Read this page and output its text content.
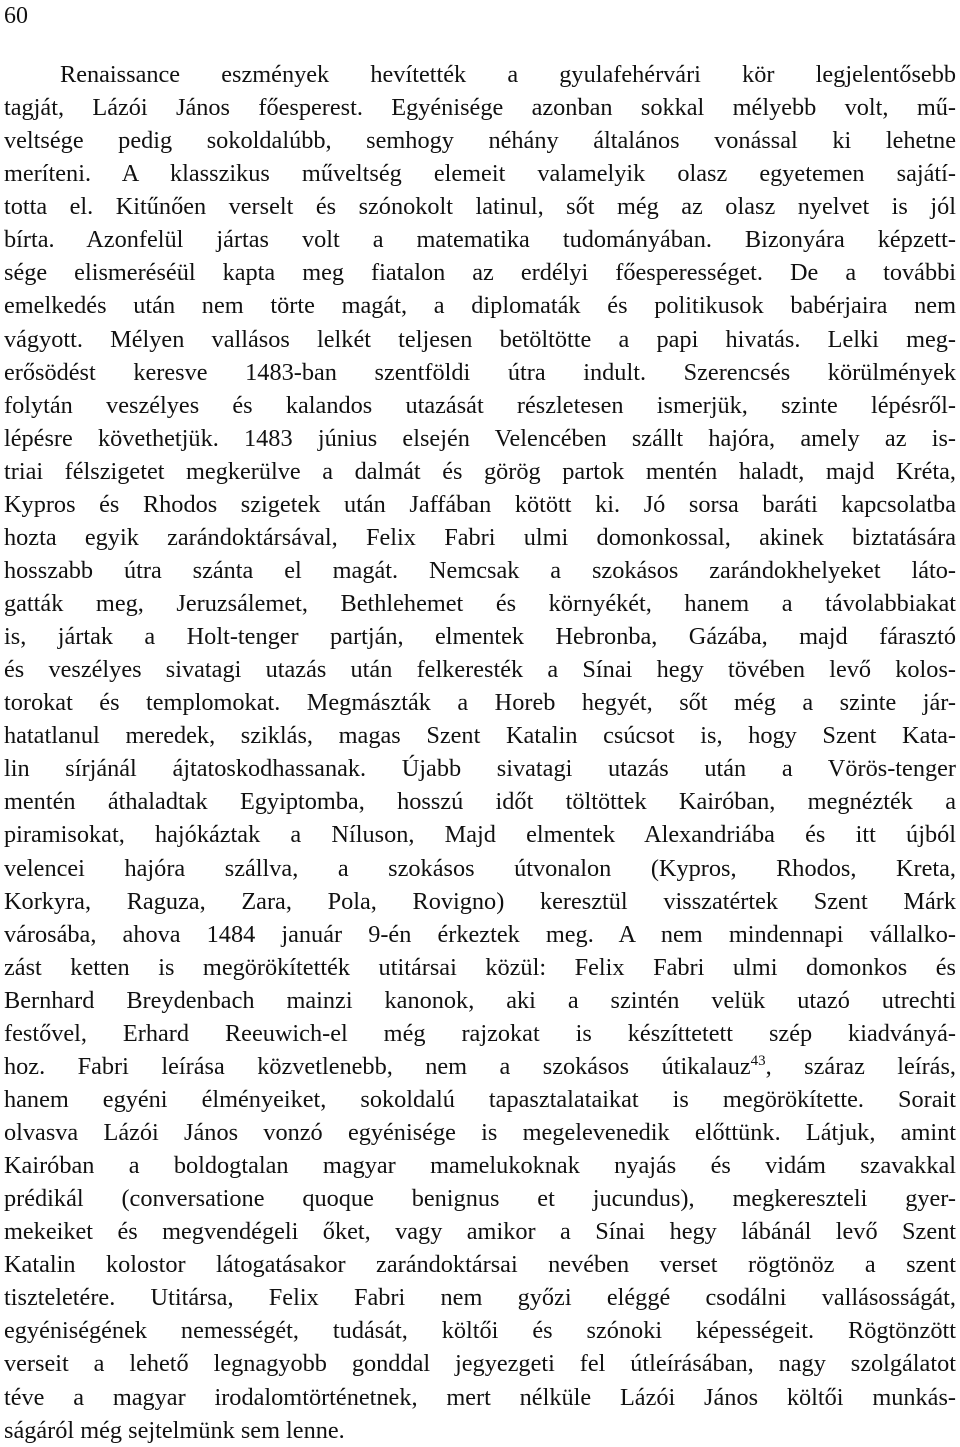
60
Renaissance eszmények hevítették a gyulafehérvári kör legjelentősebb
tagját, Lázói János főesperest. Egyénisége azonban sokkal mélyebb volt, mű-
veltsége pedig sokoldalúbb, semhogy néhány általános vonással ki lehetne
meríteni. A klasszikus műveltség elemeit valamelyik olasz egyetemen sajátí-
totta el. Kitűnően verselt és szónokolt latinul, sőt még az olasz nyelvet is jól
bírta. Azonfelül jártas volt a matematika tudományában. Bizonyára képzett-
sége elismeréséül kapta meg fiatalon az erdélyi főesperességet. De a további
emelkedés után nem törte magát, a diplomaták és politikusok babérjaira nem
vágyott. Mélyen vallásos lelkét teljesen betöltötte a papi hivatás. Lelki meg-
erősödést keresve 1483-ban szentföldi útra indult. Szerencsés körülmények
folytán veszélyes és kalandos utazását részletesen ismerjük, szinte lépésről-
lépésre követhetjük. 1483 június elsején Velencében szállt hajóra, amely az is-
triai félszigetet megkerülve a dalmát és görög partok mentén haladt, majd Kréta,
Kypros és Rhodos szigetek után Jaffában kötött ki. Jó sorsa baráti kapcsolatba
hozta egyik zarándoktársával, Felix Fabri ulmi domonkossal, akinek biztatására
hosszabb útra szánta el magát. Nemcsak a szokásos zarándokhelyeket láto-
gatták meg, Jeruzsálemet, Bethlehemet és környékét, hanem a távolabbiakat
is, jártak a Holt-tenger partján, elmentek Hebronba, Gázába, majd fárasztó
és veszélyes sivatagi utazás után felkeresték a Sínai hegy tövében levő kolos-
torokat és templomokat. Megmászták a Horeb hegyét, sőt még a szinte jár-
hatatlanul meredek, sziklás, magas Szent Katalin csúcsot is, hogy Szent Kata-
lin sírjánál ájtatoskodhassanak. Újabb sivatagi utazás után a Vörös-tenger
mentén áthaladtak Egyiptomba, hosszú időt töltöttek Kairóban, megnézték a
piramisokat, hajókáztak a Níluson, Majd elmentek Alexandriába és itt újból
velencei hajóra szállva, a szokásos útvonalon (Kypros, Rhodos, Kreta,
Korkyra, Raguza, Zara, Pola, Rovigno) keresztül visszatértek Szent Márk
városába, ahova 1484 január 9-én érkeztek meg. A nem mindennapi vállalko-
zást ketten is megörökítették utitársai közül: Felix Fabri ulmi domonkos és
Bernhard Breydenbach mainzi kanonok, aki a szintén velük utazó utrechti
festővel, Erhard Reeuwich-el még rajzokat is készíttetett szép kiadványá-
hoz. Fabri leírása közvetlenebb, nem a szokásos útikalauz$^{43}$, száraz leírás,
hanem egyéni élményeiket, sokoldalú tapasztalataikat is megörökítette. Sorait
olvasva Lázói János vonzó egyénisége is megelevenedik előttünk. Látjuk, amint
Kairóban a boldogtalan magyar mamelukoknak nyajás és vidám szavakkal
prédikál (conversatione quoque benignus et jucundus), megkereszteli gyer-
mekeiket és megvendégeli őket, vagy amikor a Sínai hegy lábánál levő Szent
Katalin kolostor látogatásakor zarándoktársai nevében verset rögtönöz a szent
tiszteletére. Utitársa, Felix Fabri nem győzi eléggé csodálni vallásosságát,
egyéniségének nemességét, tudását, költői és szónoki képességeit. Rögtönzött
verseit a lehető legnagyobb gonddal jegyezgeti fel útleírásában, nagy szolgálatot
téve a magyar irodalomtörténetnek, mert nélküle Lázói János költői munkás-
ságáról még sejtelmünk sem lenne.
